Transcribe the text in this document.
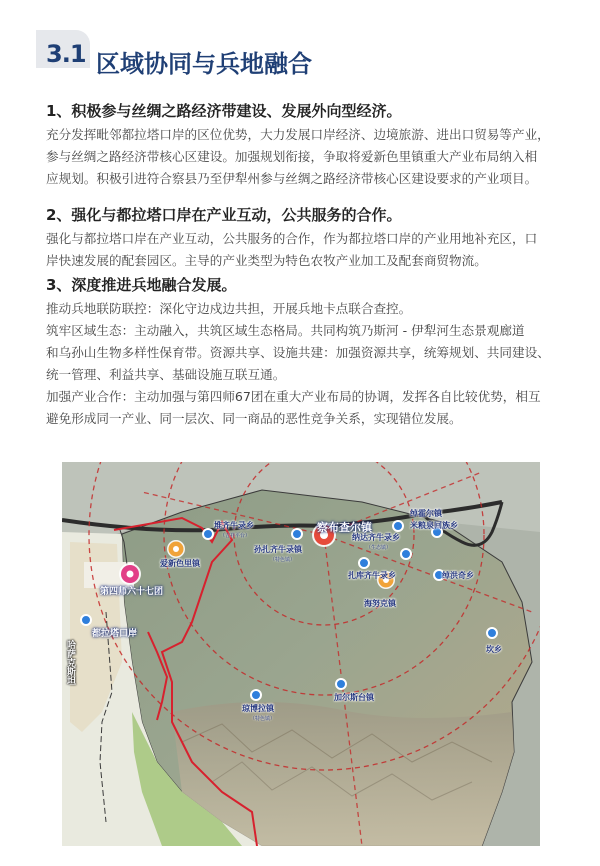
3.1 区域协同与兵地融合
1、积极参与丝绸之路经济带建设、发展外向型经济。
充分发挥毗邻都拉塔口岸的区位优势，大力发展口岸经济、边境旅游、进出口贸易等产业，
参与丝绸之路经济带核心区建设。加强规划衔接，争取将爱新色里镇重大产业布局纳入相
应规划。积极引进符合察县乃至伊犁州参与丝绸之路经济带核心区建设要求的产业项目。
2、强化与都拉塔口岸在产业互动，公共服务的合作。
强化与都拉塔口岸在产业互动，公共服务的合作，作为都拉塔口岸的产业用地补充区，口
岸快速发展的配套园区。主导的产业类型为特色农牧产业加工及配套商贸物流。
3、深度推进兵地融合发展。
推动兵地联防联控：深化守边戍边共担，开展兵地卡点联合查控。
筑牢区域生态：主动融入，共筑区域生态格局。共同构筑乃斯河 - 伊犁河生态景观廊道
和乌孙山生物多样性保育带。资源共享、设施共建：加强资源共享，统筹规划、共同建设、
统一管理、利益共享、基础设施互联互通。
加强产业合作：主动加强与第四师67团在重大产业布局的协调，发挥各自比较优势，相互
避免形成同一产业、同一层次、同一商品的恶性竞争关系，实现错位发展。
察布查尔镇
堆齐牛录乡
（吉祥平台）
孙扎齐牛录镇
（特色镇）
绰霍尔镇
纳达齐牛录乡
（生态镇）
米粮泉回族乡
爱新色里镇
第四师六十七团
都拉塔口岸
扎库齐牛录乡
海努克镇
绰洪奇乡
坎乡
加尔斯台镇
琼博拉镇
（特色镇）
哈萨克斯坦
